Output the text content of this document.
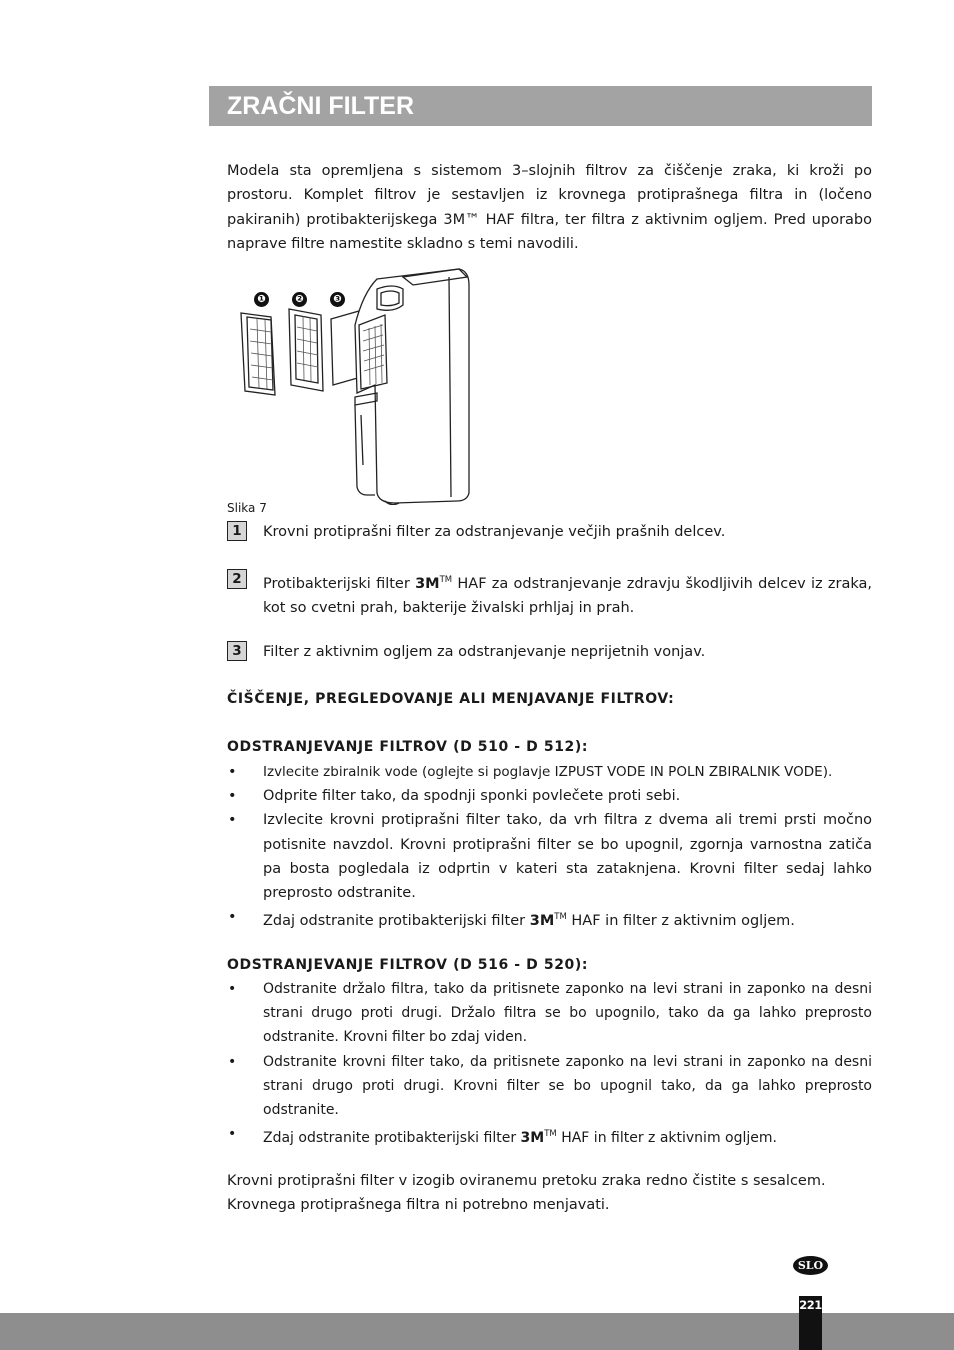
ZRAČNI FILTER

Modela sta opremljena s sistemom 3–slojnih filtrov za čiščenje zraka, ki kroži po prostoru. Komplet filtrov je sestavljen iz krovnega protiprašnega filtra in (ločeno pakiranih) protibakterijskega 3M™ HAF filtra, ter filtra z aktivnim ogljem. Pred uporabo naprave filtre namestite skladno s temi navodili.

❶	❷	❸

Slika 7

1	Krovni protiprašni filter za odstranjevanje večjih prašnih delcev.

2	Protibakterijski filter 3M™ HAF za odstranjevanje zdravju škodljivih delcev iz zraka, kot so cvetni prah, bakterije živalski prhljaj in prah.

3	Filter z aktivnim ogljem za odstranjevanje neprijetnih vonjav.

ČIŠČENJE, PREGLEDOVANJE ALI MENJAVANJE FILTROV:

ODSTRANJEVANJE FILTROV (D 510 - D 512):

• Izvlecite zbiralnik vode (oglejte si poglavje IZPUST VODE IN POLN ZBIRALNIK VODE).
• Odprite filter tako, da spodnji sponki povlečete proti sebi.
• Izvlecite krovni protiprašni filter tako, da vrh filtra z dvema ali tremi prsti močno potisnite navzdol. Krovni protiprašni filter se bo upognil, zgornja varnostna zatiča pa bosta pogledala iz odprtin v kateri sta zataknjena. Krovni filter sedaj lahko preprosto odstranite.
• Zdaj odstranite protibakterijski filter 3M™ HAF in filter z aktivnim ogljem.

ODSTRANJEVANJE FILTROV (D 516 - D 520):

• Odstranite držalo filtra, tako da pritisnete zaponko na levi strani in zaponko na desni strani drugo proti drugi. Držalo filtra se bo upognilo, tako da ga lahko preprosto odstranite. Krovni filter bo zdaj viden.
• Odstranite krovni filter tako, da pritisnete zaponko na levi strani in zaponko na desni strani drugo proti drugi. Krovni filter se bo upognil tako, da ga lahko preprosto odstranite.
• Zdaj odstranite protibakterijski filter 3M™ HAF in filter z aktivnim ogljem.
Krovni protiprašni filter v izogib oviranemu pretoku zraka redno čistite s sesalcem.
Krovnega protiprašnega filtra ni potrebno menjavati.
SLO
221
